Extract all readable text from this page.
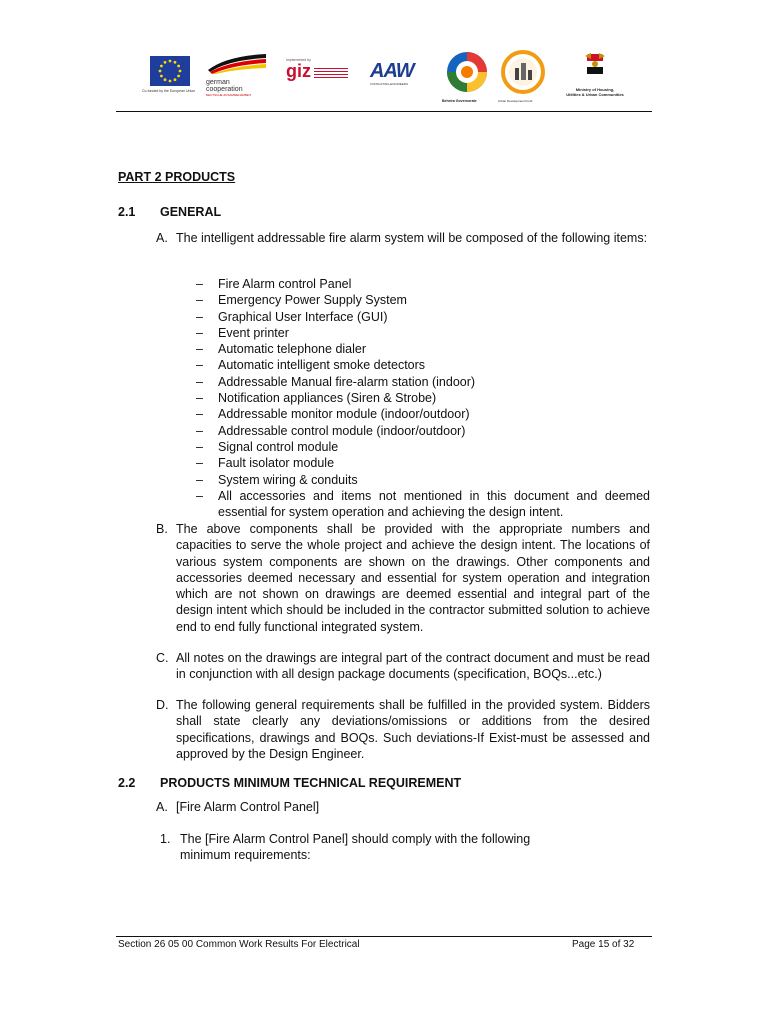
Co-funded by the European Union
german
cooperation
DEUTSCHE ZUSAMMENARBEIT
Implemented by
giz	AAW
CONSULTING ENGINEERS
Beheira Governorate	Urban Development Fund
Ministry of Housing,
Utilities & Urban Communities
PART 2 PRODUCTS
2.1 GENERAL
A. The intelligent addressable fire alarm system will be composed of the following items:
– Fire Alarm control Panel
– Emergency Power Supply System
– Graphical User Interface (GUI)
– Event printer
– Automatic telephone dialer
– Automatic intelligent smoke detectors
– Addressable Manual fire-alarm station (indoor)
– Notification appliances (Siren & Strobe)
– Addressable monitor module (indoor/outdoor)
– Addressable control module (indoor/outdoor)
– Signal control module
– Fault isolator module
– System wiring & conduits
– All accessories and items not mentioned in this document and deemed essential for system operation and achieving the design intent.
B. The above components shall be provided with the appropriate numbers and capacities to serve the whole project and achieve the design intent. The locations of various system components are shown on the drawings. Other components and accessories deemed necessary and essential for system operation and integration which are not shown on drawings are deemed essential and integral part of the design intent which should be included in the contractor submitted solution to achieve end to end fully functional integrated system.
C. All notes on the drawings are integral part of the contract document and must be read in conjunction with all design package documents (specification, BOQs...etc.)
D. The following general requirements shall be fulfilled in the provided system. Bidders shall state clearly any deviations/omissions or additions from the desired specifications, drawings and BOQs. Such deviations-If Exist-must be assessed and approved by the Design Engineer.
2.2 PRODUCTS MINIMUM TECHNICAL REQUIREMENT
A. [Fire Alarm Control Panel]
1. The [Fire Alarm Control Panel] should comply with the following minimum requirements:
Section 26 05 00 Common Work Results For Electrical	Page 15 of 32
